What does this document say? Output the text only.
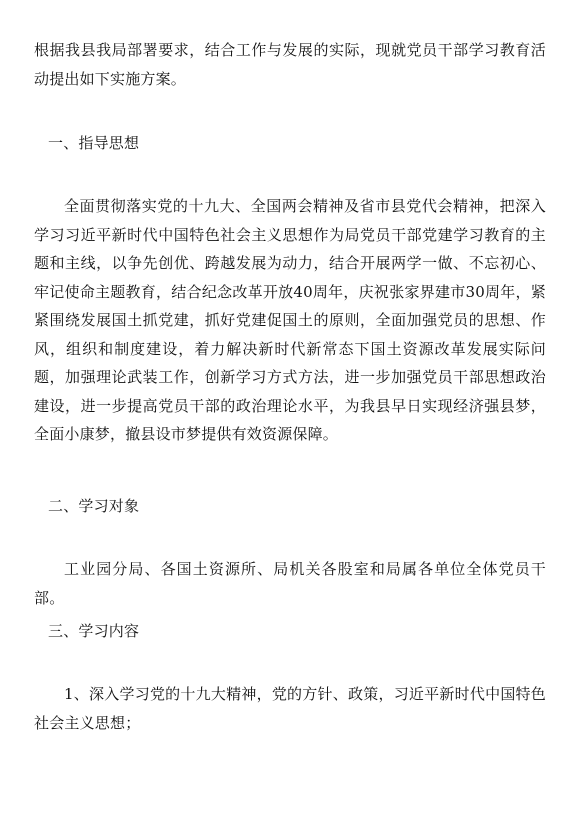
根据我县我局部署要求，结合工作与发展的实际，现就党员干部学习教育活动提出如下实施方案。

一、指导思想

全面贯彻落实党的十九大、全国两会精神及省市县党代会精神，把深入学习习近平新时代中国特色社会主义思想作为局党员干部党建学习教育的主题和主线，以争先创优、跨越发展为动力，结合开展两学一做、不忘初心、牢记使命主题教育，结合纪念改革开放40周年，庆祝张家界建市30周年，紧紧围绕发展国土抓党建，抓好党建促国土的原则，全面加强党员的思想、作风，组织和制度建设，着力解决新时代新常态下国土资源改革发展实际问题，加强理论武装工作，创新学习方式方法，进一步加强党员干部思想政治建设，进一步提高党员干部的政治理论水平，为我县早日实现经济强县梦，全面小康梦，撤县设市梦提供有效资源保障。

二、学习对象

工业园分局、各国土资源所、局机关各股室和局属各单位全体党员干部。

三、学习内容

1、深入学习党的十九大精神，党的方针、政策，习近平新时代中国特色社会主义思想；
